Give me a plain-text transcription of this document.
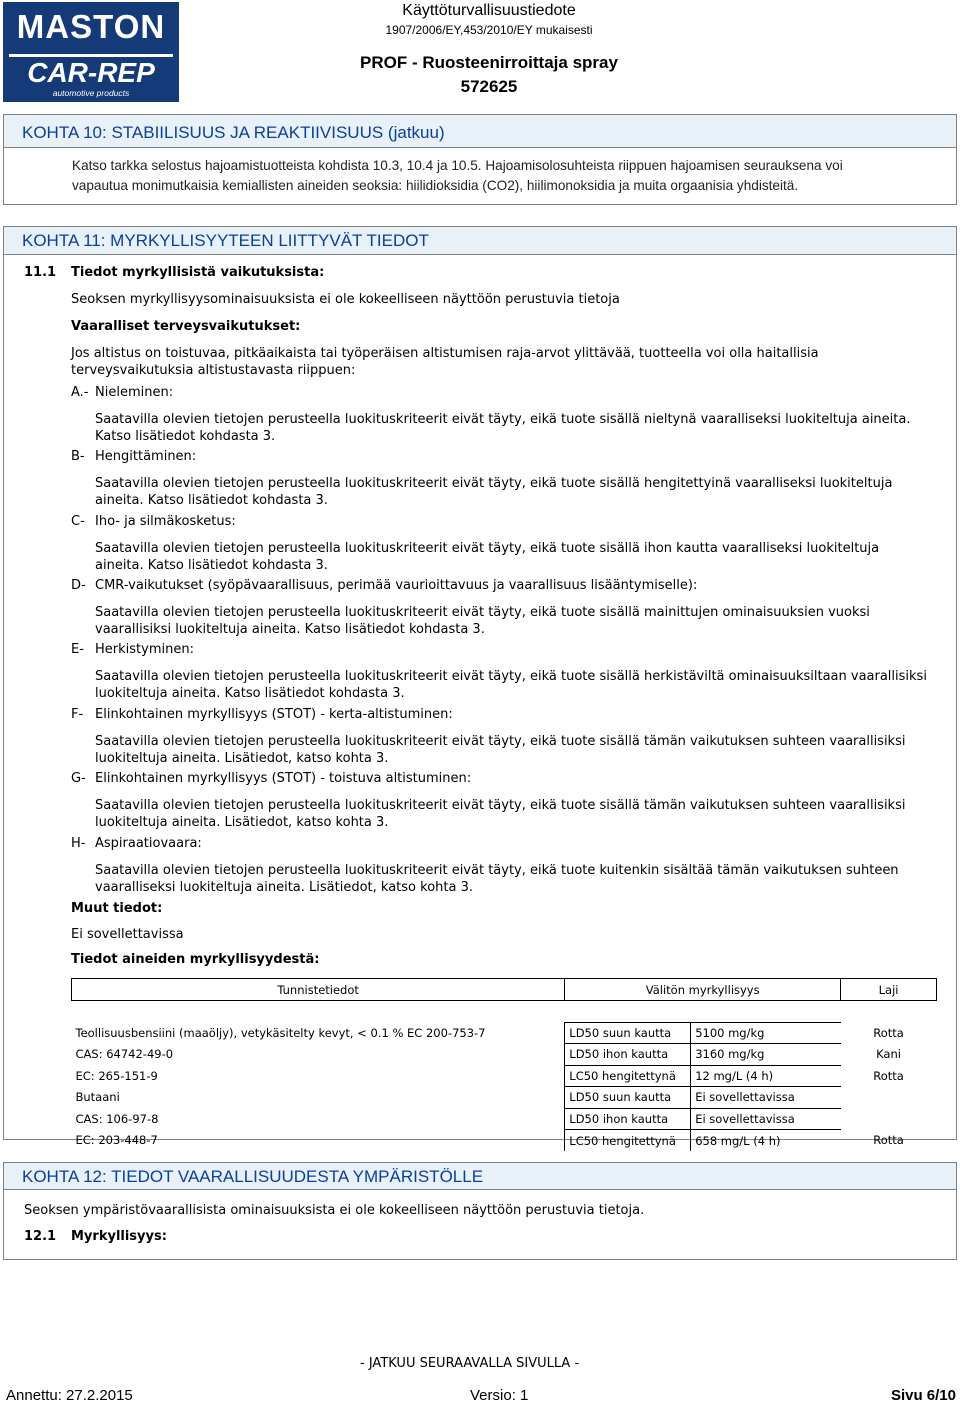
MASTON
CAR-REP
automotive products
Käyttöturvallisuustiedote
1907/2006/EY,453/2010/EY mukaisesti
PROF - Ruosteenirroittaja spray
572625
KOHTA 10: STABIILISUUS JA REAKTIIVISUUS (jatkuu)
Katso tarkka selostus hajoamistuotteista kohdista 10.3, 10.4 ja 10.5. Hajoamisolosuhteista riippuen hajoamisen seurauksena voi
vapautua monimutkaisia kemiallisten aineiden seoksia: hiilidioksidia (CO2), hiilimonoksidia ja muita orgaanisia yhdisteitä.
KOHTA 11: MYRKYLLISYYTEEN LIITTYVÄT TIEDOT
11.1 Tiedot myrkyllisistä vaikutuksista:
Seoksen myrkyllisyysominaisuuksista ei ole kokeelliseen näyttöön perustuvia tietoja
Vaaralliset terveysvaikutukset:
Jos altistus on toistuvaa, pitkäaikaista tai työperäisen altistumisen raja-arvot ylittävää, tuotteella voi olla haitallisia
terveysvaikutuksia altistustavasta riippuen:
A.- Nieleminen:
Saatavilla olevien tietojen perusteella luokituskriteerit eivät täyty, eikä tuote sisällä nieltynä vaaralliseksi luokiteltuja aineita.
Katso lisätiedot kohdasta 3.
B- Hengittäminen:
Saatavilla olevien tietojen perusteella luokituskriteerit eivät täyty, eikä tuote sisällä hengitettyinä vaaralliseksi luokiteltuja
aineita. Katso lisätiedot kohdasta 3.
C- Iho- ja silmäkosketus:
Saatavilla olevien tietojen perusteella luokituskriteerit eivät täyty, eikä tuote sisällä ihon kautta vaaralliseksi luokiteltuja
aineita. Katso lisätiedot kohdasta 3.
D- CMR-vaikutukset (syöpävaarallisuus, perimää vaurioittavuus ja vaarallisuus lisääntymiselle):
Saatavilla olevien tietojen perusteella luokituskriteerit eivät täyty, eikä tuote sisällä mainittujen ominaisuuksien vuoksi
vaarallisiksi luokiteltuja aineita. Katso lisätiedot kohdasta 3.
E- Herkistyminen:
Saatavilla olevien tietojen perusteella luokituskriteerit eivät täyty, eikä tuote sisällä herkistäviltä ominaisuuksiltaan vaarallisiksi
luokiteltuja aineita. Katso lisätiedot kohdasta 3.
F- Elinkohtainen myrkyllisyys (STOT) - kerta-altistuminen:
Saatavilla olevien tietojen perusteella luokituskriteerit eivät täyty, eikä tuote sisällä tämän vaikutuksen suhteen vaarallisiksi
luokiteltuja aineita. Lisätiedot, katso kohta 3.
G- Elinkohtainen myrkyllisyys (STOT) - toistuva altistuminen:
Saatavilla olevien tietojen perusteella luokituskriteerit eivät täyty, eikä tuote sisällä tämän vaikutuksen suhteen vaarallisiksi
luokiteltuja aineita. Lisätiedot, katso kohta 3.
H- Aspiraatiovaara:
Saatavilla olevien tietojen perusteella luokituskriteerit eivät täyty, eikä tuote kuitenkin sisältää tämän vaikutuksen suhteen
vaaralliseksi luokiteltuja aineita. Lisätiedot, katso kohta 3.
Muut tiedot:
Ei sovellettavissa
Tiedot aineiden myrkyllisyydestä:
Tunnistetiedot	Välitön myrkyllisyys		Laji

Teollisuusbensiini (maaöljy), vetykäsitelty kevyt, < 0.1 % EC 200-753-7	LD50 suun kautta	5100 mg/kg	Rotta
CAS: 64742-49-0	LD50 ihon kautta	3160 mg/kg	Kani
EC: 265-151-9	LC50 hengitettynä	12 mg/L (4 h)	Rotta
Butaani	LD50 suun kautta	Ei sovellettavissa	
CAS: 106-97-8	LD50 ihon kautta	Ei sovellettavissa	
EC: 203-448-7	LC50 hengitettynä	658 mg/L (4 h)	Rotta
KOHTA 12: TIEDOT VAARALLISUUDESTA YMPÄRISTÖLLE
Seoksen ympäristövaarallisista ominaisuuksista ei ole kokeelliseen näyttöön perustuvia tietoja.
12.1 Myrkyllisyys:
- JATKUU SEURAAVALLA SIVULLA -
Annettu: 27.2.2015	Versio: 1	Sivu 6/10
